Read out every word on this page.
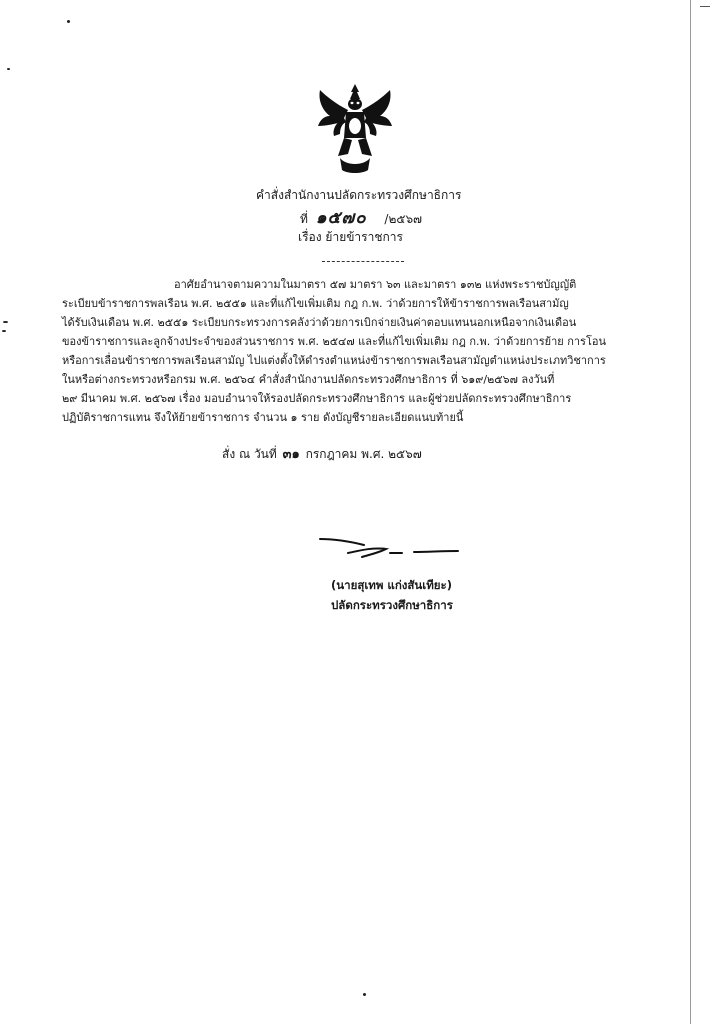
คำสั่งสำนักงานปลัดกระทรวงศึกษาธิการ
ที่ ๑๕๗๐ /๒๕๖๗
เรื่อง ย้ายข้าราชการ

อาศัยอำนาจตามความในมาตรา ๕๗ มาตรา ๖๓ และมาตรา ๑๓๒ แห่งพระราชบัญญัติ

ระเบียบข้าราชการพลเรือน พ.ศ. ๒๕๕๑ และที่แก้ไขเพิ่มเติม กฎ ก.พ. ว่าด้วยการให้ข้าราชการพลเรือนสามัญ

ได้รับเงินเดือน พ.ศ. ๒๕๕๑ ระเบียบกระทรวงการคลังว่าด้วยการเบิกจ่ายเงินค่าตอบแทนนอกเหนือจากเงินเดือน

ของข้าราชการและลูกจ้างประจำของส่วนราชการ พ.ศ. ๒๕๔๗ และที่แก้ไขเพิ่มเติม กฎ ก.พ. ว่าด้วยการย้าย การโอน

หรือการเลื่อนข้าราชการพลเรือนสามัญ ไปแต่งตั้งให้ดำรงตำแหน่งข้าราชการพลเรือนสามัญตำแหน่งประเภทวิชาการ

ในหรือต่างกระทรวงหรือกรม พ.ศ. ๒๕๖๔ คำสั่งสำนักงานปลัดกระทรวงศึกษาธิการ ที่ ๖๑๙/๒๕๖๗ ลงวันที่

๒๙ มีนาคม พ.ศ. ๒๕๖๗ เรื่อง มอบอำนาจให้รองปลัดกระทรวงศึกษาธิการ และผู้ช่วยปลัดกระทรวงศึกษาธิการ

ปฏิบัติราชการแทน จึงให้ย้ายข้าราชการ จำนวน ๑ ราย ดังบัญชีรายละเอียดแนบท้ายนี้

สั่ง ณ วันที่ ๓๑ กรกฎาคม พ.ศ. ๒๕๖๗
(นายสุเทพ แก่งสันเทียะ)
ปลัดกระทรวงศึกษาธิการ
